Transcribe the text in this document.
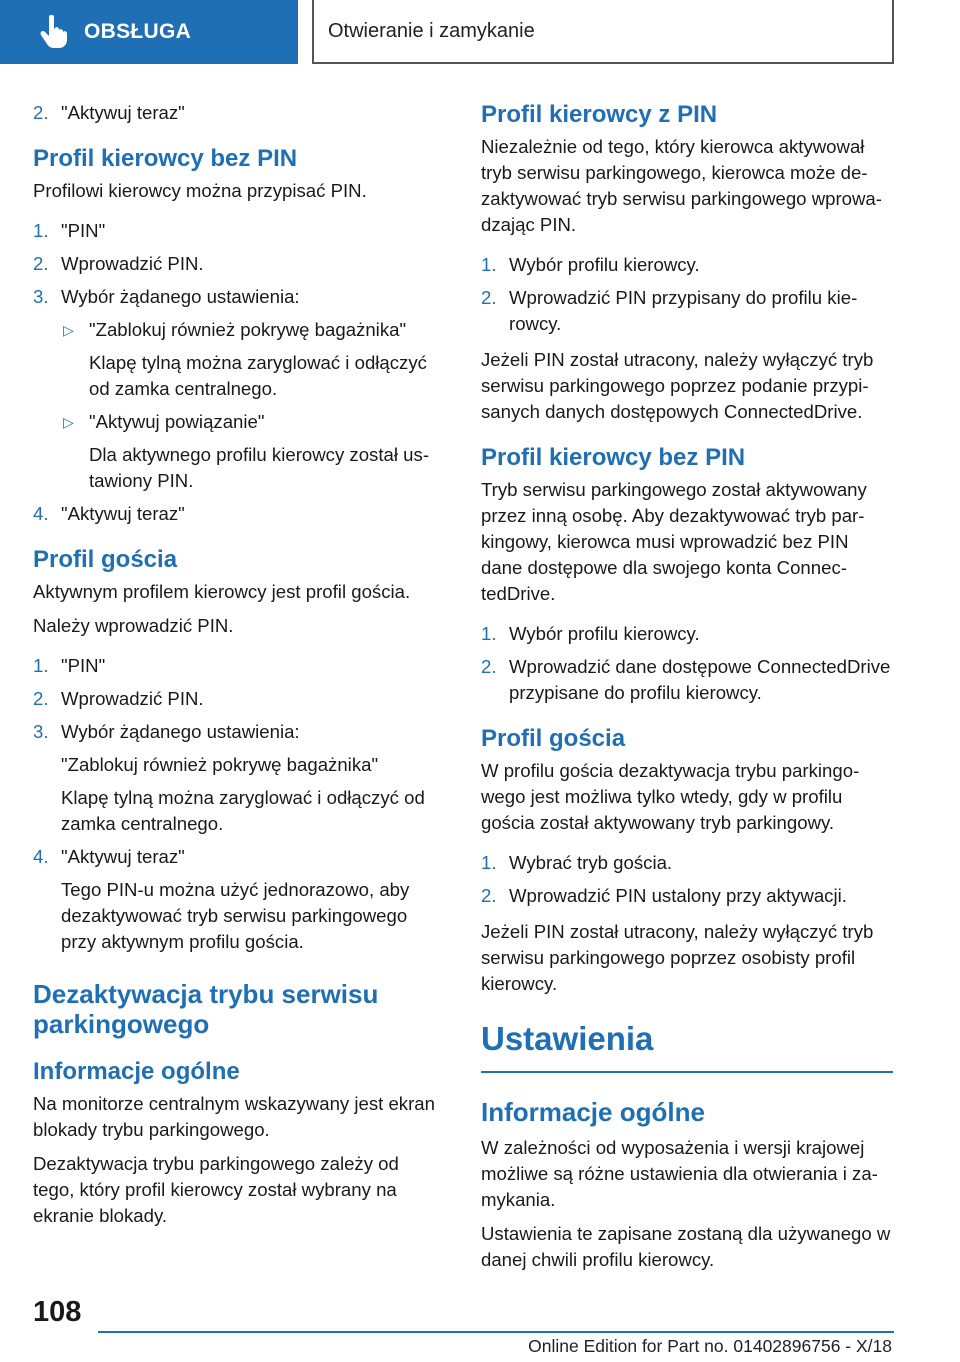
OBSŁUGA	Otwieranie i zamykanie
2. "Aktywuj teraz"
Profil kierowcy bez PIN

Profilowi kierowcy można przypisać PIN.

1. "PIN"
2. Wprowadzić PIN.
3. Wybór żądanego ustawienia:
▷ "Zablokuj również pokrywę bagażnika"
Klapę tylną można zaryglować i odłączyć od zamka centralnego.
▷ "Aktywuj powiązanie"
Dla aktywnego profilu kierowcy został ustawiony PIN.
4. "Aktywuj teraz"
Profil gościa

Aktywnym profilem kierowcy jest profil gościa.

Należy wprowadzić PIN.

1. "PIN"
2. Wprowadzić PIN.
3. Wybór żądanego ustawienia:
"Zablokuj również pokrywę bagażnika"
Klapę tylną można zaryglować i odłączyć od zamka centralnego.
4. "Aktywuj teraz"
Tego PIN-u można użyć jednorazowo, aby dezaktywować tryb serwisu parkingowego przy aktywnym profilu gościa.
Dezaktywacja trybu serwisu parkingowego
Informacje ogólne

Na monitorze centralnym wskazywany jest ekran blokady trybu parkingowego.

Dezaktywacja trybu parkingowego zależy od tego, który profil kierowcy został wybrany na ekranie blokady.

Profil kierowcy z PIN

Niezależnie od tego, który kierowca aktywował tryb serwisu parkingowego, kierowca może dezaktywować tryb serwisu parkingowego wprowadzając PIN.

1. Wybór profilu kierowcy.
2. Wprowadzić PIN przypisany do profilu kierowcy.

Jeżeli PIN został utracony, należy wyłączyć tryb serwisu parkingowego poprzez podanie przypisanych danych dostępowych ConnectedDrive.

Profil kierowcy bez PIN

Tryb serwisu parkingowego został aktywowany przez inną osobę. Aby dezaktywować tryb parkingowy, kierowca musi wprowadzić bez PIN dane dostępowe dla swojego konta ConnectedDrive.

1. Wybór profilu kierowcy.
2. Wprowadzić dane dostępowe ConnectedDrive przypisane do profilu kierowcy.
Profil gościa

W profilu gościa dezaktywacja trybu parkingowego jest możliwa tylko wtedy, gdy w profilu gościa został aktywowany tryb parkingowy.

1. Wybrać tryb gościa.
2. Wprowadzić PIN ustalony przy aktywacji.

Jeżeli PIN został utracony, należy wyłączyć tryb serwisu parkingowego poprzez osobisty profil kierowcy.

Ustawienia
Informacje ogólne

W zależności od wyposażenia i wersji krajowej możliwe są różne ustawienia dla otwierania i zamykania.

Ustawienia te zapisane zostaną dla używanego w danej chwili profilu kierowcy.

108
Online Edition for Part no. 01402896756 - X/18
